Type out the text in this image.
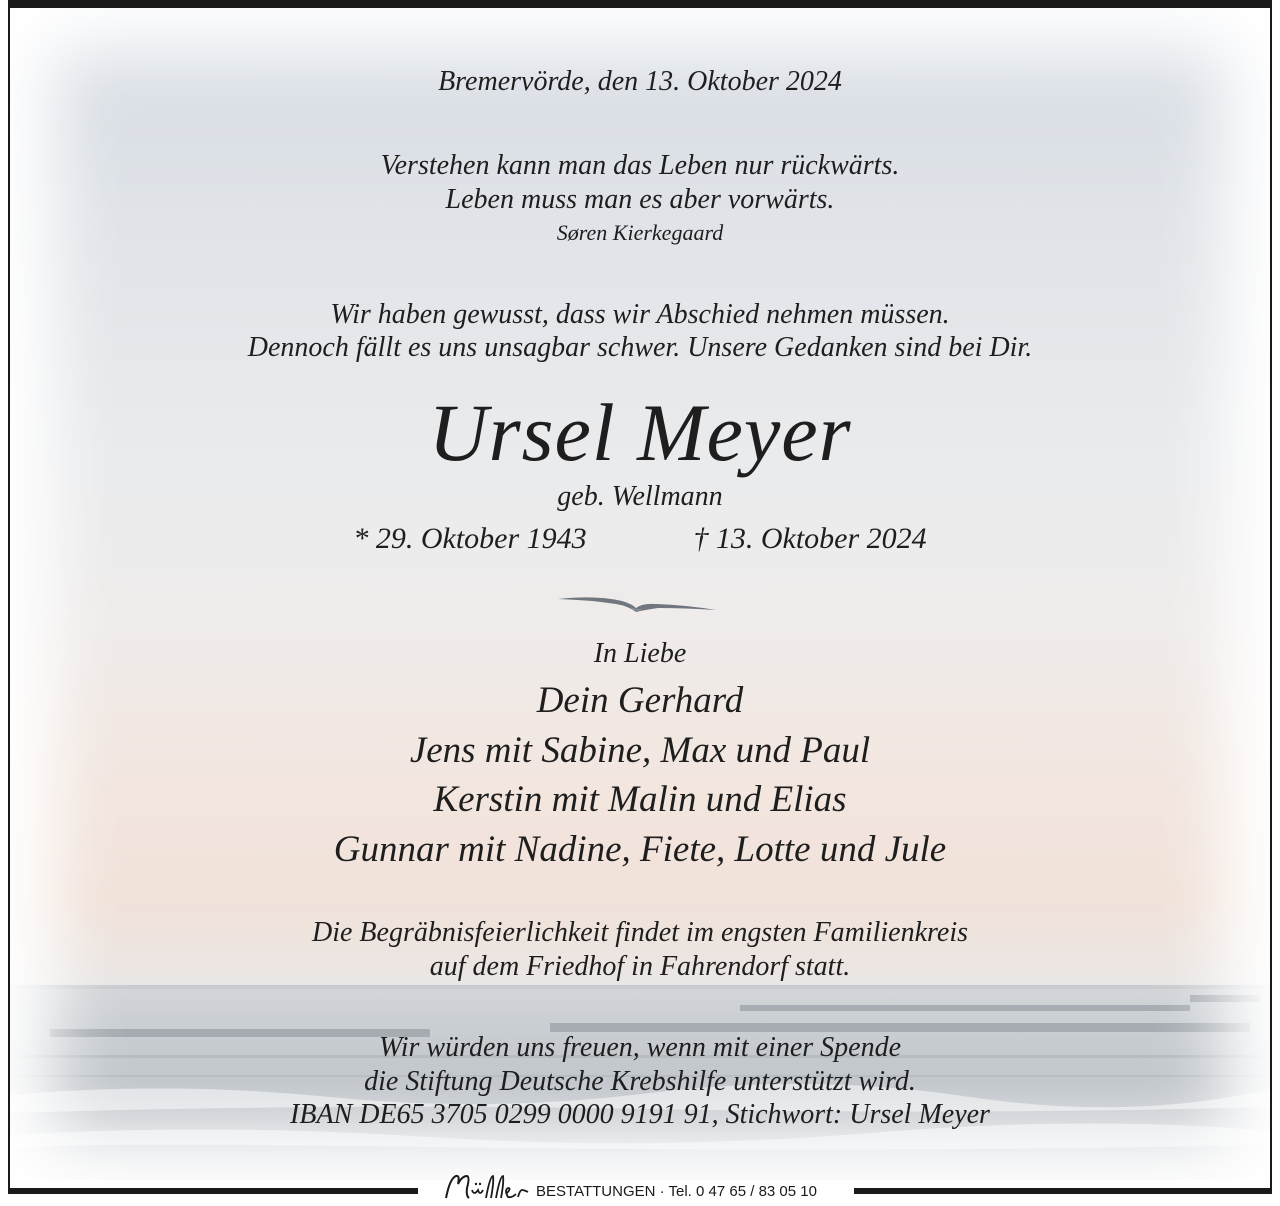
Bremervörde, den 13. Oktober 2024
Verstehen kann man das Leben nur rückwärts.
Leben muss man es aber vorwärts.
Søren Kierkegaard
Wir haben gewusst, dass wir Abschied nehmen müssen.
Dennoch fällt es uns unsagbar schwer. Unsere Gedanken sind bei Dir.
Ursel Meyer
geb. Wellmann
* 29. Oktober 1943	† 13. Oktober 2024
In Liebe
Dein Gerhard
Jens mit Sabine, Max und Paul
Kerstin mit Malin und Elias
Gunnar mit Nadine, Fiete, Lotte und Jule
Die Begräbnisfeierlichkeit findet im engsten Familienkreis
auf dem Friedhof in Fahrendorf statt.
Wir würden uns freuen, wenn mit einer Spende
die Stiftung Deutsche Krebshilfe unterstützt wird.
IBAN DE65 3705 0299 0000 9191 91, Stichwort: Ursel Meyer
BESTATTUNGEN · Tel. 0 47 65 / 83 05 10
